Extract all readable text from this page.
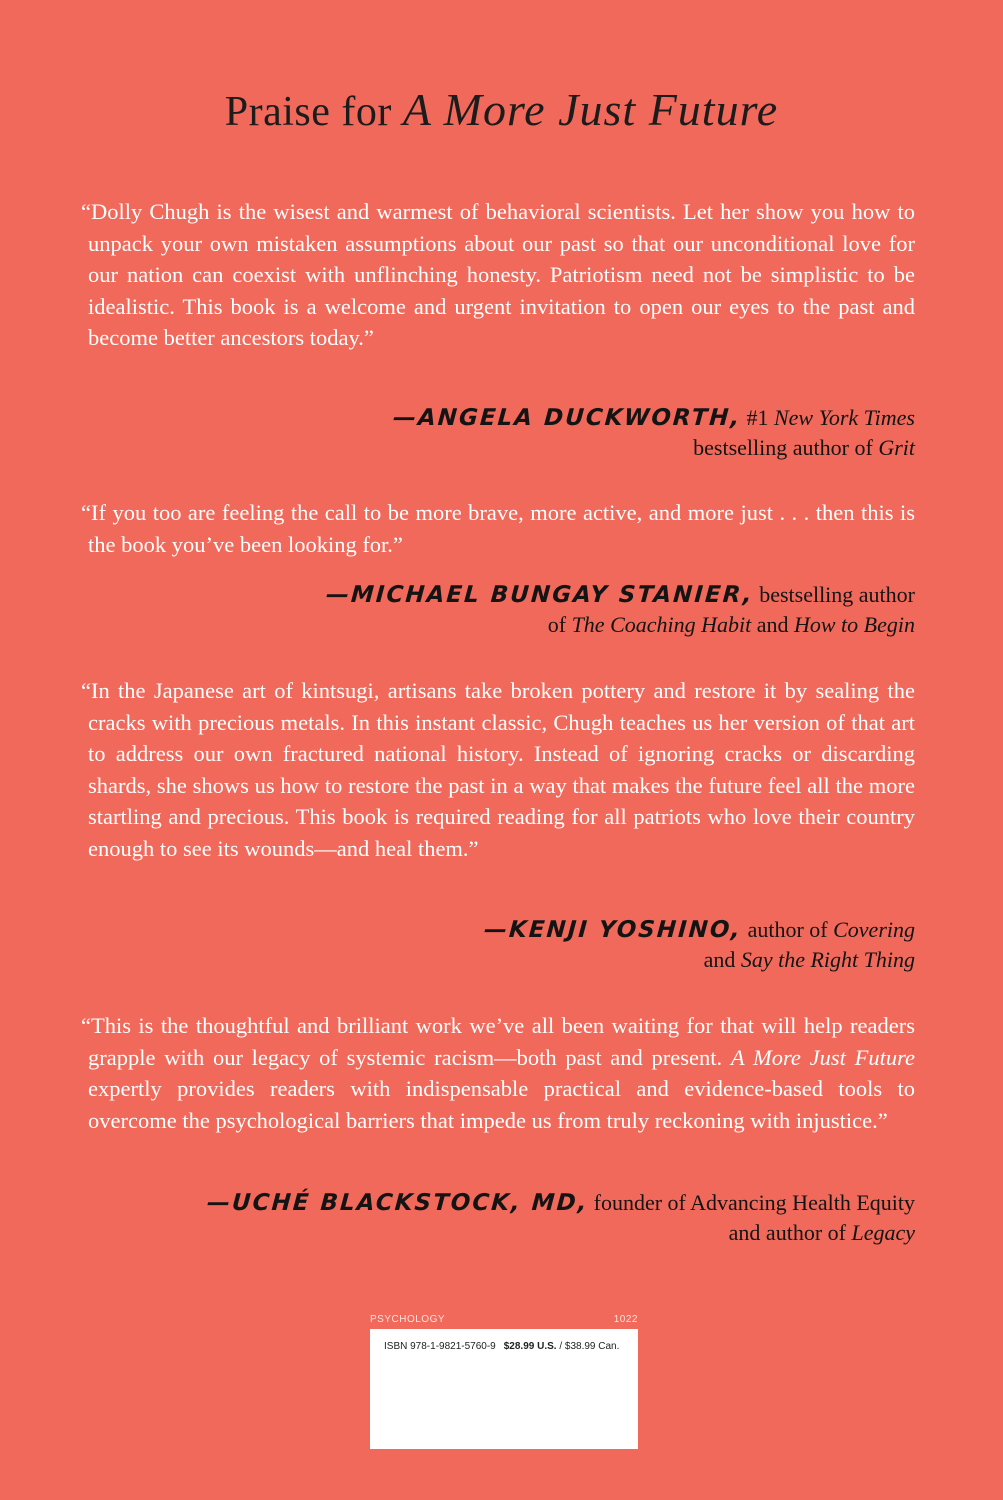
Praise for A More Just Future

“Dolly Chugh is the wisest and warmest of behavioral scientists. Let her show you how to unpack your own mistaken assumptions about our past so that our unconditional love for our nation can coexist with unflinching honesty. Patriotism need not be simplistic to be idealistic. This book is a welcome and urgent invitation to open our eyes to the past and become better ancestors today.”

—ANGELA DUCKWORTH, #1 New York Times
bestselling author of Grit

“If you too are feeling the call to be more brave, more active, and more just . . . then this is the book you’ve been looking for.”

—MICHAEL BUNGAY STANIER, bestselling author
of The Coaching Habit and How to Begin

“In the Japanese art of kintsugi, artisans take broken pottery and restore it by sealing the cracks with precious metals. In this instant classic, Chugh teaches us her version of that art to address our own fractured national history. Instead of ignoring cracks or discarding shards, she shows us how to restore the past in a way that makes the future feel all the more startling and precious. This book is required reading for all patriots who love their country enough to see its wounds—and heal them.”

—KENJI YOSHINO, author of Covering
and Say the Right Thing

“This is the thoughtful and brilliant work we’ve all been waiting for that will help readers grapple with our legacy of systemic racism—both past and present. A More Just Future expertly provides readers with indispensable practical and evidence-based tools to overcome the psychological barriers that impede us from truly reckoning with injustice.”

—UCHÉ BLACKSTOCK, MD, founder of Advancing Health Equity
and author of Legacy
PSYCHOLOGY	1022
ISBN 978-1-9821-5760-9 $28.99 U.S. / $38.99 Can.
